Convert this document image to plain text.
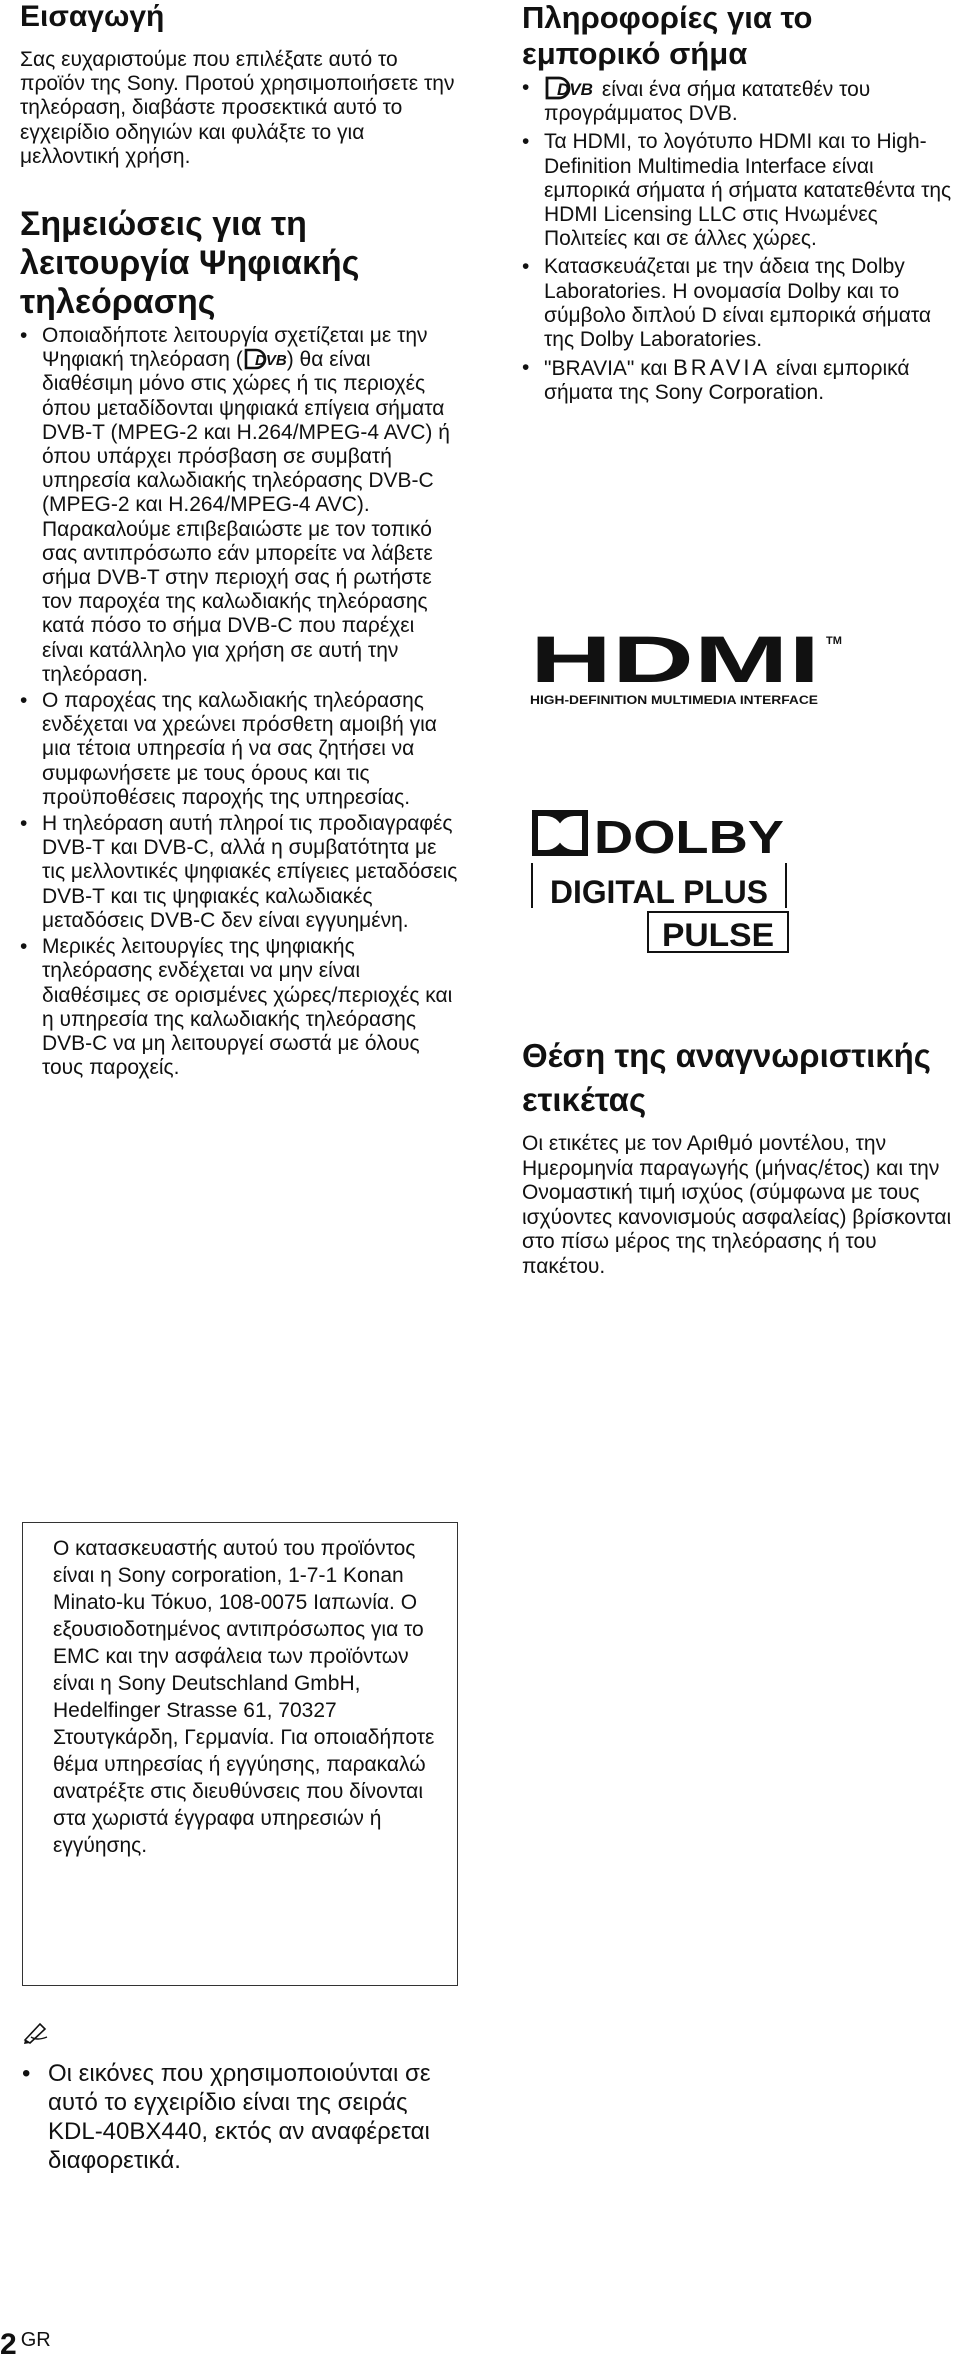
Εισαγωγή

Σας ευχαριστούμε που επιλέξατε αυτό το προϊόν της Sony. Προτού χρησιμοποιήσετε την τηλεόραση, διαβάστε προσεκτικά αυτό το εγχειρίδιο οδηγιών και φυλάξτε το για μελλοντική χρήση.

Σημειώσεις για τη λειτουργία Ψηφιακής τηλεόρασης
• Οποιαδήποτε λειτουργία σχετίζεται με την Ψηφιακή τηλεόραση ( DVB ) θα είναι διαθέσιμη μόνο στις χώρες ή τις περιοχές όπου μεταδίδονται ψηφιακά επίγεια σήματα DVB-T (MPEG-2 και H.264/MPEG-4 AVC) ή όπου υπάρχει πρόσβαση σε συμβατή υπηρεσία καλωδιακής τηλεόρασης DVB-C (MPEG-2 και H.264/MPEG-4 AVC). Παρακαλούμε επιβεβαιώστε με τον τοπικό σας αντιπρόσωπο εάν μπορείτε να λάβετε σήμα DVB-T στην περιοχή σας ή ρωτήστε τον παροχέα της καλωδιακής τηλεόρασης κατά πόσο το σήμα DVB-C που παρέχει είναι κατάλληλο για χρήση σε αυτή την τηλεόραση.
• Ο παροχέας της καλωδιακής τηλεόρασης ενδέχεται να χρεώνει πρόσθετη αμοιβή για μια τέτοια υπηρεσία ή να σας ζητήσει να συμφωνήσετε με τους όρους και τις προϋποθέσεις παροχής της υπηρεσίας.
• Η τηλεόραση αυτή πληροί τις προδιαγραφές DVB-T και DVB-C, αλλά η συμβατότητα με τις μελλοντικές ψηφιακές επίγειες μεταδόσεις DVB-T και τις ψηφιακές καλωδιακές μεταδόσεις DVB-C δεν είναι εγγυημένη.
• Μερικές λειτουργίες της ψηφιακής τηλεόρασης ενδέχεται να μην είναι διαθέσιμες σε ορισμένες χώρες/περιοχές και η υπηρεσία της καλωδιακής τηλεόρασης DVB-C να μη λειτουργεί σωστά με όλους τους παροχείς.
Πληροφορίες για το εμπορικό σήμα
• DVB είναι ένα σήμα κατατεθέν του προγράμματος DVB.
• Τα HDMI, το λογότυπο HDMI και το High-Definition Multimedia Interface είναι εμπορικά σήματα ή σήματα κατατεθέντα της HDMI Licensing LLC στις Ηνωμένες Πολιτείες και σε άλλες χώρες.
• Κατασκευάζεται με την άδεια της Dolby Laboratories. Η ονομασία Dolby και το σύμβολο διπλού D είναι εμπορικά σήματα της Dolby Laboratories.
• "BRAVIA" και BRAVIA είναι εμπορικά σήματα της Sony Corporation.
HDMI TM
HIGH-DEFINITION MULTIMEDIA INTERFACE
DOLBY
DIGITAL PLUS
PULSE
Θέση της αναγνωριστικής ετικέτας

Οι ετικέτες με τον Αριθμό μοντέλου, την Ημερομηνία παραγωγής (μήνας/έτος) και την Ονομαστική τιμή ισχύος (σύμφωνα με τους ισχύοντες κανονισμούς ασφαλείας) βρίσκονται στο πίσω μέρος της τηλεόρασης ή του πακέτου.

Ο κατασκευαστής αυτού του προϊόντος είναι η Sony corporation, 1-7-1 Konan Minato-ku Τόκυο, 108-0075 Ιαπωνία. Ο εξουσιοδοτημένος αντιπρόσωπος για το EMC και την ασφάλεια των προϊόντων είναι η Sony Deutschland GmbH, Hedelfinger Strasse 61, 70327 Στουτγκάρδη, Γερμανία. Για οποιαδήποτε θέμα υπηρεσίας ή εγγύησης, παρακαλώ ανατρέξτε στις διευθύνσεις που δίνονται στα χωριστά έγγραφα υπηρεσιών ή εγγύησης.

• Οι εικόνες που χρησιμοποιούνται σε αυτό το εγχειρίδιο είναι της σειράς KDL-40BX440, εκτός αν αναφέρεται διαφορετικά.
2 $^{GR}$
